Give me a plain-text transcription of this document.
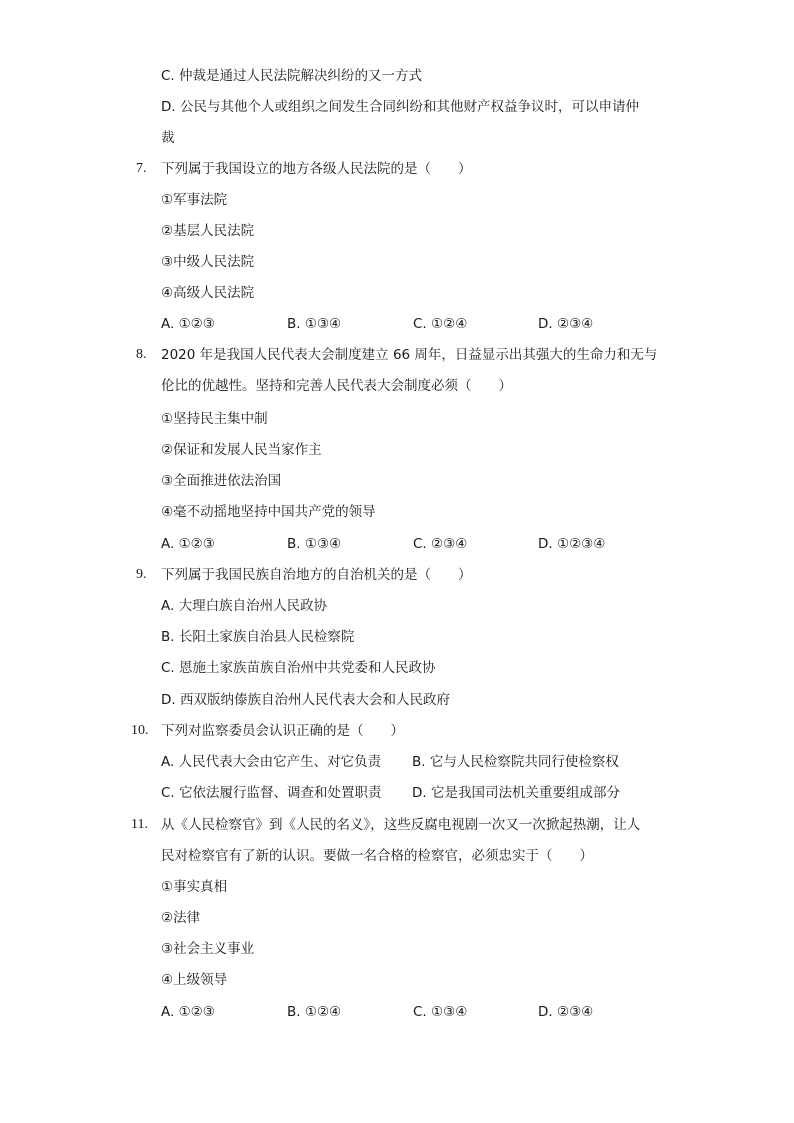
C. 仲裁是通过人民法院解决纠纷的又一方式
D. 公民与其他个人或组织之间发生合同纠纷和其他财产权益争议时，可以申请仲
裁
7. 下列属于我国设立的地方各级人民法院的是（　　）
①军事法院
②基层人民法院
③中级人民法院
④高级人民法院
A. ①②③	B. ①③④	C. ①②④	D. ②③④
8. 2020 年是我国人民代表大会制度建立 66 周年，日益显示出其强大的生命力和无与
伦比的优越性。坚持和完善人民代表大会制度必须（　　）
①坚持民主集中制
②保证和发展人民当家作主
③全面推进依法治国
④毫不动摇地坚持中国共产党的领导
A. ①②③	B. ①③④	C. ②③④	D. ①②③④
9. 下列属于我国民族自治地方的自治机关的是（　　）
A. 大理白族自治州人民政协
B. 长阳土家族自治县人民检察院
C. 恩施土家族苗族自治州中共党委和人民政协
D. 西双版纳傣族自治州人民代表大会和人民政府
10. 下列对监察委员会认识正确的是（　　）
A. 人民代表大会由它产生、对它负责 B. 它与人民检察院共同行使检察权
C. 它依法履行监督、调查和处置职责 D. 它是我国司法机关重要组成部分
11. 从《人民检察官》到《人民的名义》，这些反腐电视剧一次又一次掀起热潮，让人
民对检察官有了新的认识。要做一名合格的检察官，必须忠实于（　　）
①事实真相
②法律
③社会主义事业
④上级领导
A. ①②③	B. ①②④	C. ①③④	D. ②③④
